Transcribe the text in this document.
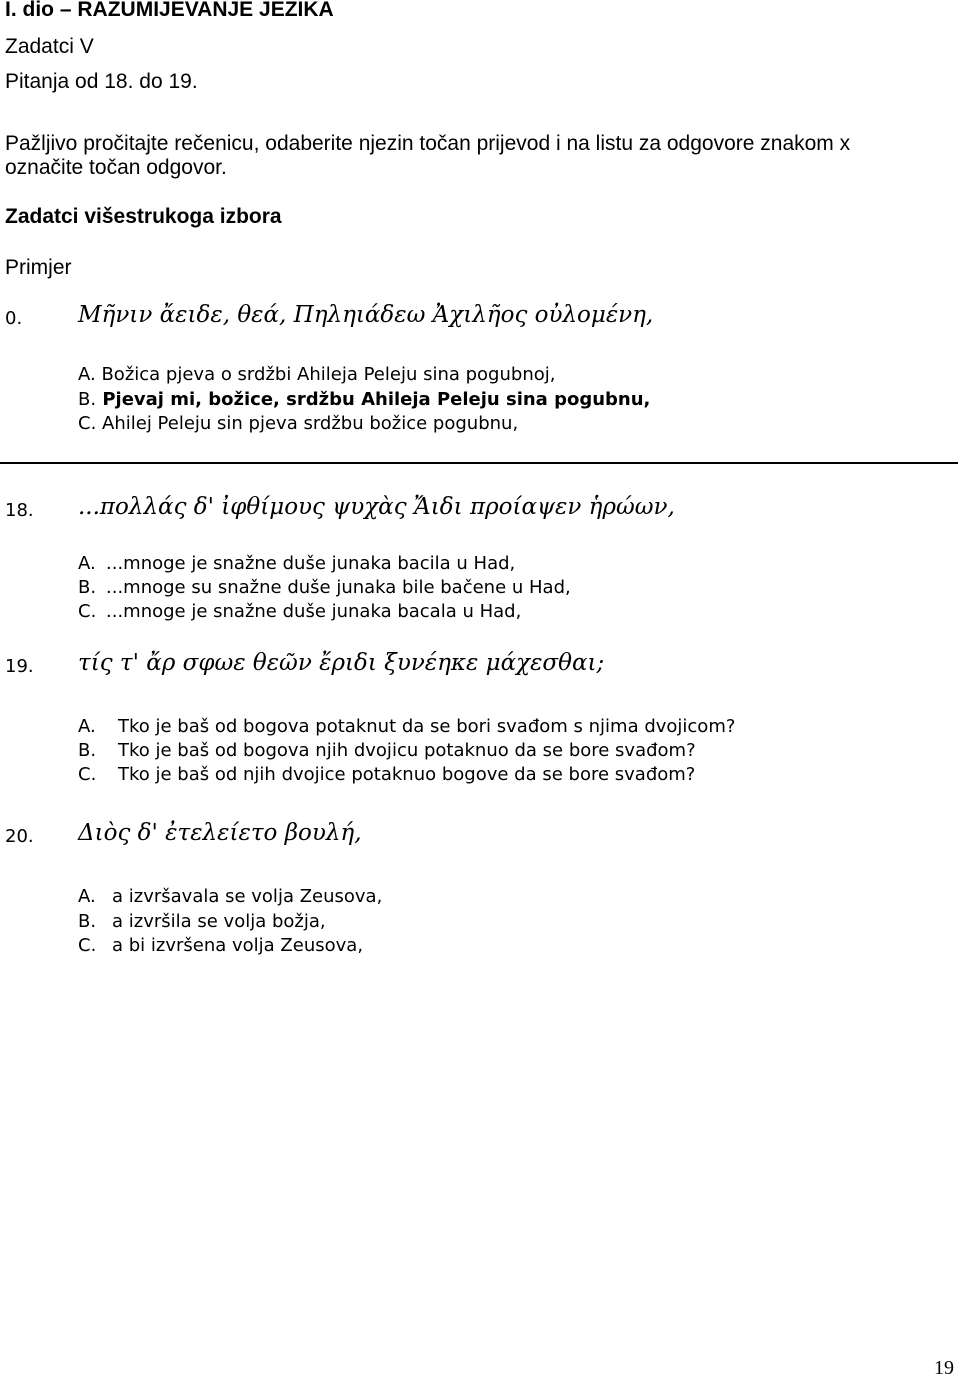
I. dio – RAZUMIJEVANJE JEZIKA
Zadatci V
Pitanja od 18. do 19.
Pažljivo pročitajte rečenicu, odaberite njezin točan prijevod i na listu za odgovore znakom x
označite točan odgovor.
Zadatci višestrukoga izbora
Primjer
0. Μῆνιν ἄειδε, θεά, Πηληιάδεω Ἀχιλῆος οὐλομένη,
A. Božica pjeva o srdžbi Ahileja Peleju sina pogubnoj,
B. Pjevaj mi, božice, srdžbu Ahileja Peleju sina pogubnu,
C. Ahilej Peleju sin pjeva srdžbu božice pogubnu,
18. ...πολλάς δ' ἰφθίμους ψυχὰς Ἄιδι προίαψεν ἡρώων,
A. ...mnoge je snažne duše junaka bacila u Had,
B. ...mnoge su snažne duše junaka bile bačene u Had,
C. ...mnoge je snažne duše junaka bacala u Had,
19. τίς τ' ἄρ σφωε θεῶν ἔριδι ξυνέηκε μάχεσθαι;
A. Tko je baš od bogova potaknut da se bori svađom s njima dvojicom?
B. Tko je baš od bogova njih dvojicu potaknuo da se bore svađom?
C. Tko je baš od njih dvojice potaknuo bogove da se bore svađom?
20. Διὸς δ' ἐτελείετο βουλή,
A. a izvršavala se volja Zeusova,
B. a izvršila se volja božja,
C. a bi izvršena volja Zeusova,
19
